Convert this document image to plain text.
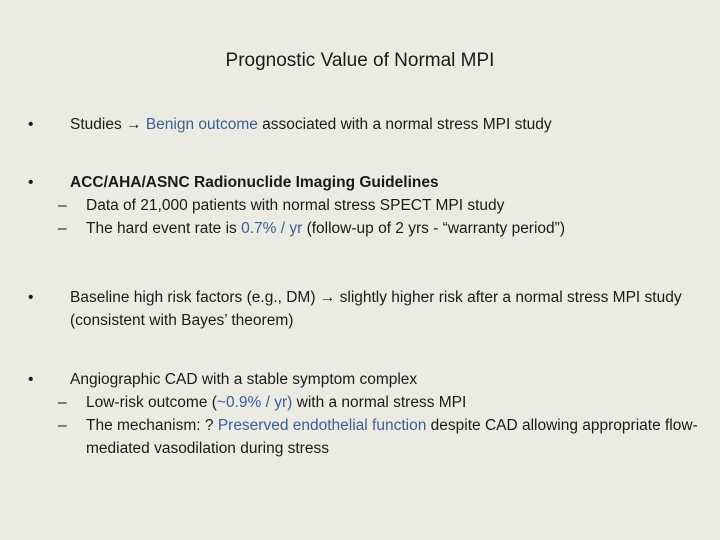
Prognostic Value of Normal MPI
• Studies → Benign outcome associated with a normal stress MPI study
• ACC/AHA/ASNC Radionuclide Imaging Guidelines
– Data of 21,000 patients with normal stress SPECT MPI study
– The hard event rate is 0.7% / yr (follow-up of 2 yrs - “warranty period”)
• Baseline high risk factors (e.g., DM) → slightly higher risk after a normal stress MPI study (consistent with Bayes’ theorem)
• Angiographic CAD with a stable symptom complex
– Low-risk outcome (~0.9% / yr) with a normal stress MPI
– The mechanism: ? Preserved endothelial function despite CAD allowing appropriate flow-mediated vasodilation during stress
